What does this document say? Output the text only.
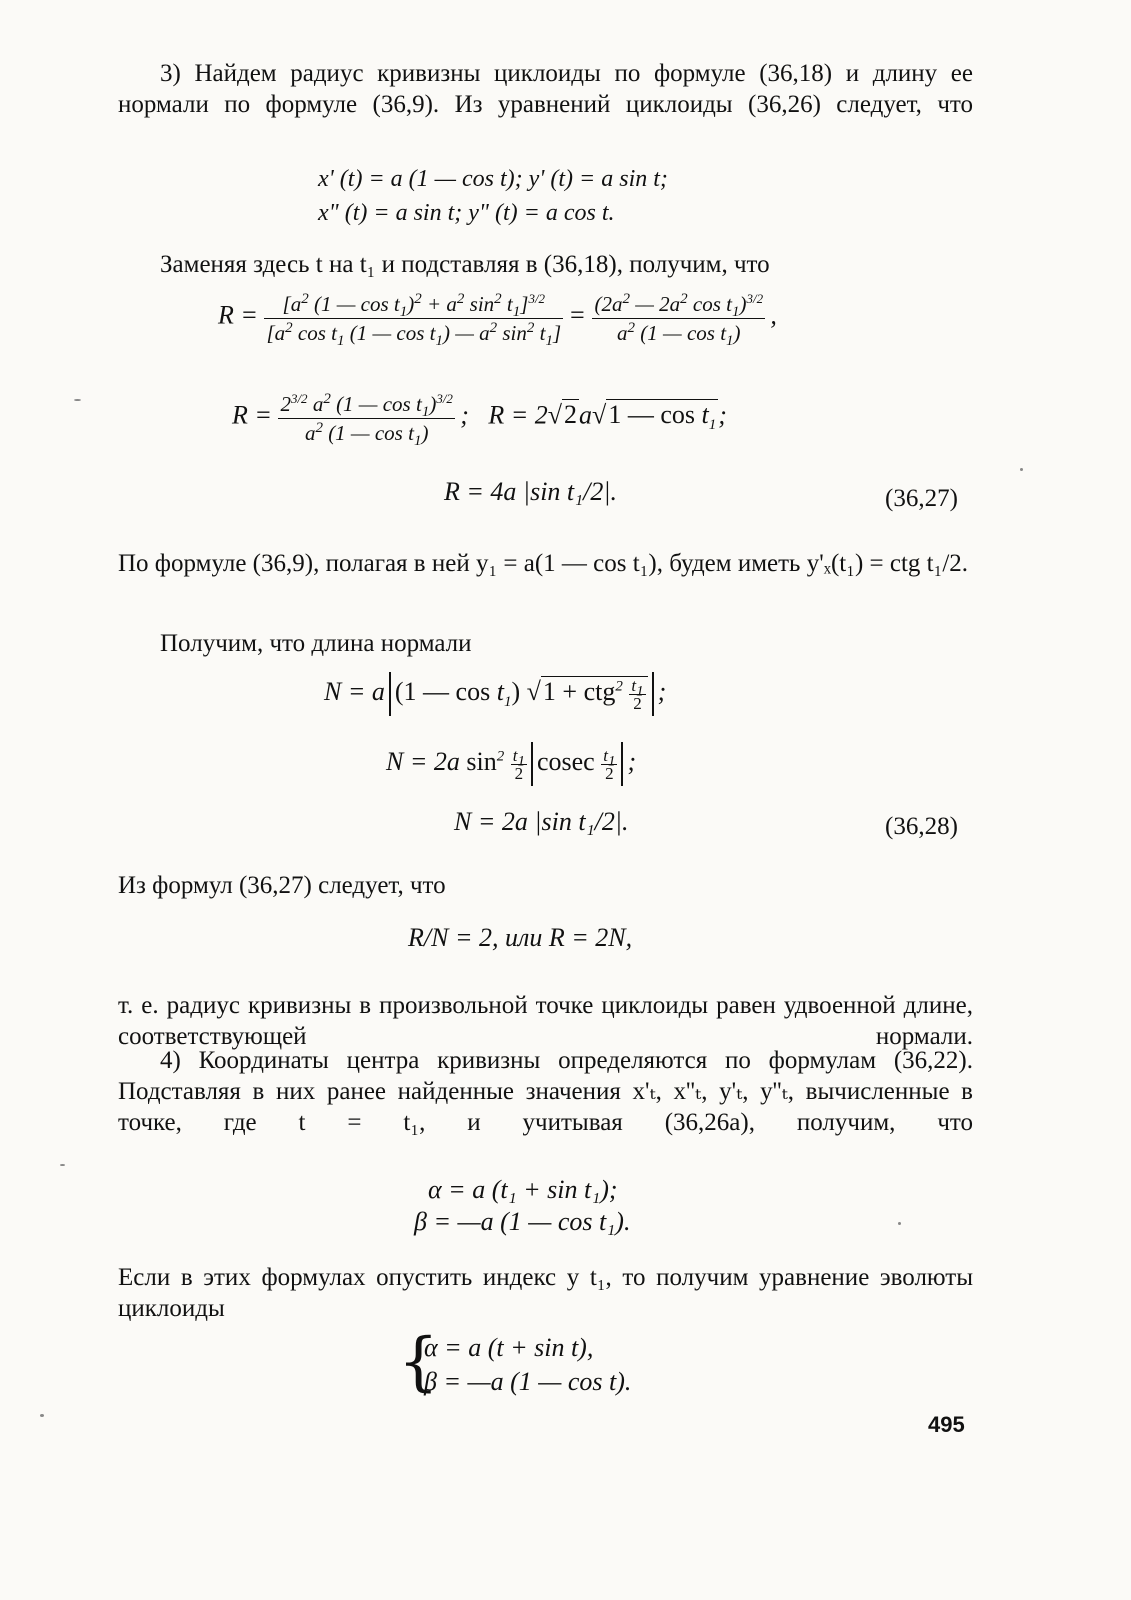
3) Найдем радиус кривизны циклоиды по формуле (36,18) и длину ее нормали по формуле (36,9). Из уравнений циклоиды (36,26) следует, что

x' (t) = a (1 — cos t); y' (t) = a sin t;
x" (t) = a sin t; y" (t) = a cos t.

Заменяя здесь t на t₁ и подставляя в (36,18), получим, что

$R = \frac{[a^2 (1 — \cos t_1)^2 + a^2 \sin^2 t_1]^{3/2}}{[a^2 \cos t_1 (1 — \cos t_1) — a^2 \sin^2 t_1]} = \frac{(2a^2 — 2a^2 \cos t_1)^{3/2}}{a^2 (1 — \cos t_1)}$ ,
$R = \frac{2^{3/2} a^2 (1 — \cos t_1)^{3/2}}{a^2 (1 — \cos t_1)}$ ;   R = 2√2a√1 — $\cos t_1$;
R = 4a |sin t₁/2|.	(36,27)

По формуле (36,9), полагая в ней y₁ = a(1 — cos t₁), будем иметь y'ₓ(t₁) = ctg t₁/2.

Получим, что длина нормали

N = a (1 — $\cos t_1$) $√1 + ctg^2 \frac{t_1}{2}$ ;
N = 2a $\sin^2 \frac{t_1}{2}$ cosec $\frac{t_1}{2}$ ;
N = 2a |sin t₁/2|.	(36,28)

Из формул (36,27) следует, что

R/N = 2, или R = 2N,

т. е. радиус кривизны в произвольной точке циклоиды равен удвоенной длине, соответствующей нормали.

4) Координаты центра кривизны определяются по формулам (36,22). Подставляя в них ранее найденные значения x'ₜ, x''ₜ, y'ₜ, y''ₜ, вычисленные в точке, где t = t₁, и учитывая (36,26а), получим, что

α = a (t₁ + sin t₁);
β = —a (1 — cos t₁).

Если в этих формулах опустить индекс у t₁, то получим уравнение эволюты циклоиды

{
α = a (t + sin t),
β = —a (1 — cos t).
495
